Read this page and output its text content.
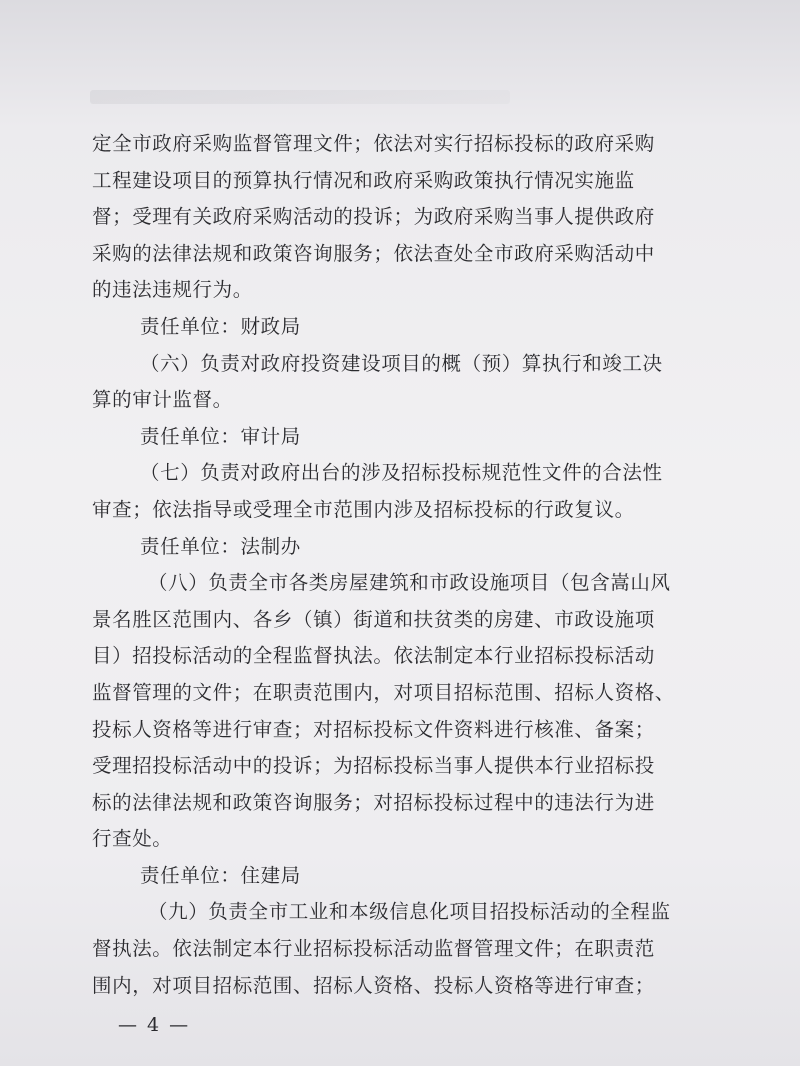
定全市政府采购监督管理文件；依法对实行招标投标的政府采购
工程建设项目的预算执行情况和政府采购政策执行情况实施监
督；受理有关政府采购活动的投诉；为政府采购当事人提供政府
采购的法律法规和政策咨询服务；依法查处全市政府采购活动中
的违法违规行为。
责任单位：财政局
（六）负责对政府投资建设项目的概（预）算执行和竣工决
算的审计监督。
责任单位：审计局
（七）负责对政府出台的涉及招标投标规范性文件的合法性
审查；依法指导或受理全市范围内涉及招标投标的行政复议。
责任单位：法制办
（八）负责全市各类房屋建筑和市政设施项目（包含嵩山风
景名胜区范围内、各乡（镇）街道和扶贫类的房建、市政设施项
目）招投标活动的全程监督执法。依法制定本行业招标投标活动
监督管理的文件；在职责范围内，对项目招标范围、招标人资格、
投标人资格等进行审查；对招标投标文件资料进行核准、备案；
受理招投标活动中的投诉；为招标投标当事人提供本行业招标投
标的法律法规和政策咨询服务；对招标投标过程中的违法行为进
行查处。
责任单位：住建局
（九）负责全市工业和本级信息化项目招投标活动的全程监
督执法。依法制定本行业招标投标活动监督管理文件；在职责范
围内，对项目招标范围、招标人资格、投标人资格等进行审查；
— 4 —
